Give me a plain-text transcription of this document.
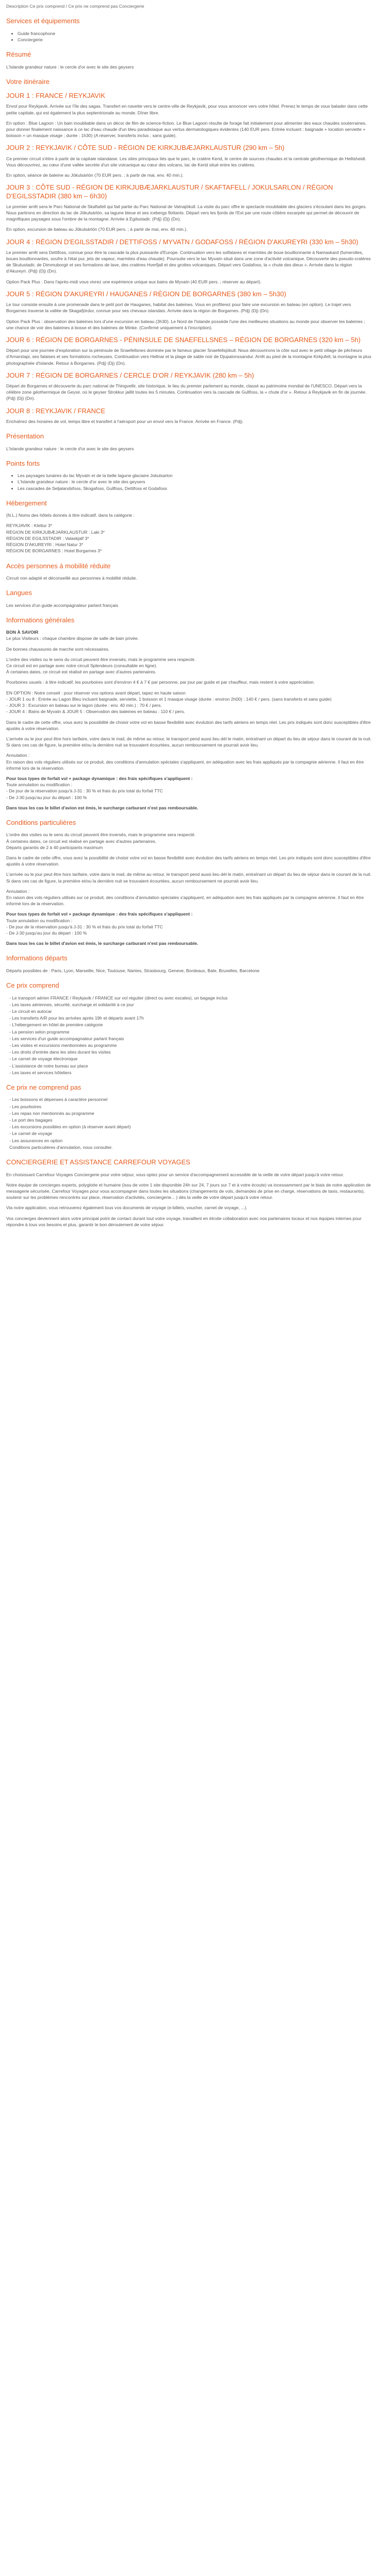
Description Ce prix comprend / Ce prix ne comprend pas Conciergerie

Services et équipements
• Guide francophone
• Conciergerie
Résumé

L'Islande grandeur nature : le cercle d'or avec le site des geysers

Votre itinéraire
JOUR 1 : FRANCE / REYKJAVIK

Envol pour Reykjavik. Arrivée sur l'île des sagas. Transfert en navette vers le centre-ville de Reykjavik, pour vous annoncer vers votre hôtel. Prenez le temps de vous balader dans cette petite capitale, qui est également la plus septentrionale au monde. Dîner libre.

En option : Blue Lagoon : Un bain inoubliable dans un décor de film de science-fiction. Le Blue Lagoon résulte de forage fait initialement pour alimenter des eaux chaudes souterraines, pour donner finalement naissance à ce lac d'eau chaude d'un bleu paradisiaque aux vertus dermatologiques évidentes (140 EUR pers. Entrée incluant : baignade + location serviette + boisson + un masque visage ; durée : 1h30) (A réserver, transferts inclus ; sans guide).

JOUR 2 : REYKJAVIK / CÔTE SUD - RÉGION DE KIRKJUBÆJARKLAUSTUR (290 km – 5h)

Ce premier circuit s'étire à partir de la capitale islandaise. Les sites principaux liés que le parc, le cratère Kerid, le centre de sources chaudes et la centrale géothermique de Hellisheidi. Vous découvrirez, au cœur d'une vallée secrète d'un site volcanique au cœur des volcans, lac de Kerid situé entre les cratères.

En option, séance de baleine au Jökulsárlón (70 EUR pers. ; à partir de mai, env. 40 min.).

JOUR 3 : CÔTE SUD - RÉGION DE KIRKJUBÆJARKLAUSTUR / SKAFTAFELL / JOKULSARLON / RÉGION D'EGILSSTADIR (380 km – 6h30)

Le premier arrêt sera le Parc National de Skaftafell qui fait partie du Parc National de Vatnajökull. La visite du parc offre le spectacle inoubliable des glaciers s'écoulant dans les gorges. Nous partirons en direction du lac de Jökulsárlón, sa lagune bleue et ses icebergs flottants. Départ vers les fjords de l'Est par une route côtière escarpée qui permet de découvrir de magnifiques paysages sous l'ombre de la montagne. Arrivée à Egilsstadir. (Pdj) (Dj) (Dn).

En option, excursion de bateau au Jökulsárlón (70 EUR pers. ; à partir de mai, env. 40 min.).

JOUR 4 : RÉGION D'EGILSSTADIR / DETTIFOSS / MYVATN / GODAFOSS / RÉGION D'AKUREYRI (330 km – 5h30)

Le premier arrêt sera Dettifoss, connue pour être la cascade la plus puissante d'Europe. Continuation vers les solfatares et marmites de boue bouillonnante à Namaskard (fumerolles, boues bouillonnantes, soufre à l'état pur, jets de vapeur, marmites d'eau chaude). Poursuite vers le lac Myvatn situé dans une zone d'activité volcanique. Découverte des pseudo-cratères de Skutustadir, de Dimmuborgir et ses formations de lave, des cratères Hverfjall et des grottes volcaniques. Départ vers Godafoss, la « chute des dieux ». Arrivée dans la région d'Akureyri. (Pdj) (Dj) (Dn).

Option Pack Plus : Dans l'après-midi vous vivrez une expérience unique aux bains de Myvatn (40 EUR pers. ; réserver au départ).

JOUR 5 : RÉGION D'AKUREYRI / HAUGANES / RÉGION DE BORGARNES (380 km – 5h30)

Le tour consiste ensuite à une promenade dans le petit port de Hauganes, habitat des baleines. Vous en profiterez pour faire une excursion en bateau (en option). Le trajet vers Borgarnes traverse la vallée de Skagafjördur, connue pour ses chevaux islandais. Arrivée dans la région de Borgarnes. (Pdj) (Dj) (Dn).

Option Pack Plus : observation des baleines lors d'une excursion en bateau (3h30). Le Nord de l'Islande possède l'une des meilleures situations au monde pour observer les baleines ; une chance de voir des baleines à bosse et des baleines de Minke. (Confirmé uniquement à l'inscription).

JOUR 6 : RÉGION DE BORGARNES - PÉNINSULE DE SNAEFELLSNES – RÉGION DE BORGARNES (320 km – 5h)

Départ pour une journée d'exploration sur la péninsule de Snaefellsnes dominée par le fameux glacier Snaefellsjökull. Nous découvrirons la côte sud avec le petit village de pêcheurs d'Arnarstapi, ses falaises et ses formations rocheuses. Continuation vers Hellnar et la plage de sable noir de Djupalonssandur. Arrêt au pied de la montagne Kirkjufell, la montagne la plus photographiée d'Islande. Retour à Borgarnes. (Pdj) (Dj) (Dn).

JOUR 7 : RÉGION DE BORGARNES / CERCLE D'OR / REYKJAVIK (280 km – 5h)

Départ de Borgarnes et découverte du parc national de Thingvellir, site historique, le lieu du premier parlement au monde, classé au patrimoine mondial de l'UNESCO. Départ vers la célèbre zone géothermique de Geysir, où le geyser Strokkur jaillit toutes les 5 minutes. Continuation vers la cascade de Gullfoss, la « chute d'or ». Retour à Reykjavik en fin de journée. (Pdj) (Dj) (Dn).

JOUR 8 : REYKJAVIK / FRANCE

Enchaînez des horaires de vol, temps libre et transfert à l'aéroport pour un envol vers la France. Arrivée en France. (Pdj).

Présentation

L'Islande grandeur nature : le cercle d'or avec le site des geysers

Points forts
• Les paysages lunaires du lac Myvatn et de la belle lagune glaciaire Jokulsarlon
• L'Islande grandeur nature : le cercle d'or avec le site des geysers
• Les cascades de Seljalandsfoss, Skogafoss, Gullfoss, Dettifoss et Godafoss
Hébergement

(N.L.) Noms des hôtels donnés à titre indicatif, dans la catégorie :

REYKJAVIK : Klettur 3*

RÉGION DE KIRKJUBÆJARKLAUSTUR : Laki 3*

RÉGION DE EGILSSTADIR : Valaskjalf 3*

RÉGION D'AKUREYRI : Hotel Natur 3*

RÉGION DE BORGARNES : Hotel Borgarnes 3*

Accès personnes à mobilité réduite

Circuit non adapté et déconseillé aux personnes à mobilité réduite.

Langues

Les services d'un guide accompagnateur parlant français

Informations générales

BON À SAVOIR

Le plus Visiteurs : chaque chambre dispose de salle de bain privée.

De bonnes chaussures de marche sont nécessaires.

L'ordre des visites ou le sens du circuit peuvent être inversés, mais le programme sera respecté.

Ce circuit est en partage avec notre circuit Splendeurs (consultable en ligne).

À certaines dates, ce circuit est réalisé en partage avec d'autres partenaires.

Pourboires usuels : à titre indicatif, les pourboires sont d'environ 4 € à 7 € par personne, par jour par guide et par chauffeur, mais restent à votre appréciation.

EN OPTION : Notre conseil : pour réserver vos options avant départ, tapez en haute saison

- JOUR 1 ou 8 : Entrée au Lagon Bleu incluant baignade, serviette, 1 boisson et 1 masque visage (durée : environ 2h00) : 140 € / pers. (sans transferts et sans guide)

- JOUR 3 : Excursion en bateau sur le lagon (durée : env. 40 min.) : 70 € / pers.

- JOUR 4 : Bains de Myvatn & JOUR 5 : Observation des baleines en bateau : 110 € / pers.

Dans le cadre de cette offre, vous avez la possibilité de choisir votre vol en basse flexibilité avec évolution des tarifs aériens en temps réel. Les prix indiqués sont donc susceptibles d'être ajustés à votre réservation.

L'arrivée ou le jour peut être hors tarifaire, votre dans le mail, de même au retour, le transport pend aussi lieu dél le matin, entraînant un départ du lieu de séjour dans le courant de la nuit. Si dans ces cas de figure, la première et/ou la dernière nuit se trouvaient écourtées, aucun remboursement ne pourrait avoir lieu.

Annulation :

En raison des vols réguliers utilisés sur ce produit, des conditions d'annulation spéciales s'appliquent, en adéquation avec les frais appliqués par la compagnie aérienne. Il faut en être informé lors de la réservation.

Pour tous types de forfait vol + package dynamique : des frais spécifiques s'appliquent :

Toute annulation ou modification :

- De jour de la réservation jusqu'à J-31 : 30 % et frais du prix total du forfait TTC

- De J-30 jusqu'au jour du départ : 100 %

Dans tous les cas le billet d'avion est émis, le surcharge carburant n'est pas remboursable.

Conditions particulières

L'ordre des visites ou le sens du circuit peuvent être inversés, mais le programme sera respecté.

À certaines dates, ce circuit est réalisé en partage avec d'autres partenaires.

Départs garantis de 2 à 40 participants maximum

Dans le cadre de cette offre, vous avez la possibilité de choisir votre vol en basse flexibilité avec évolution des tarifs aériens en temps réel. Les prix indiqués sont donc susceptibles d'être ajustés à votre réservation.

L'arrivée ou le jour peut être hors tarifaire, votre dans le mail, de même au retour, le transport pend aussi lieu dél le matin, entraînant un départ du lieu de séjour dans le courant de la nuit. Si dans ces cas de figure, la première et/ou la dernière nuit se trouvaient écourtées, aucun remboursement ne pourrait avoir lieu.

Annulation :

En raison des vols réguliers utilisés sur ce produit, des conditions d'annulation spéciales s'appliquent, en adéquation avec les frais appliqués par la compagnie aérienne. Il faut en être informé lors de la réservation.

Pour tous types de forfait vol + package dynamique : des frais spécifiques s'appliquent :

Toute annulation ou modification :

- De jour de la réservation jusqu'à J-31 : 30 % et frais du prix total du forfait TTC

- De J-30 jusqu'au jour du départ : 100 %

Dans tous les cas le billet d'avion est émis, le surcharge carburant n'est pas remboursable.

Informations départs

Départs possibles de : Paris, Lyon, Marseille, Nice, Toulouse, Nantes, Strasbourg, Geneve, Bordeaux, Bale, Bruxelles, Barcelone

Ce prix comprend
- Le transport aérien FRANCE / Reykjavik / FRANCE sur vol régulier (direct ou avec escales), un bagage inclus
- Les taxes aériennes, sécurité, surcharge et solidarité à ce jour
- Le circuit en autocar
- Les transferts A/R pour les arrivées après 19h et départs avant 17h
- L'hébergement en hôtel de première catégorie
- La pension selon programme
- Les services d'un guide accompagnateur parlant français
- Les visites et excursions mentionnées au programme
- Les droits d'entrée dans les sites durant les visites
- Le carnet de voyage électronique
- L'assistance de notre bureau sur place
- Les taxes et services hôteliers
Ce prix ne comprend pas
- Les boissons et dépenses à caractère personnel
- Les pourboires
- Les repas non mentionnés au programme
- Le port des bagages
- Les excursions possibles en option (à réserver avant départ)
- Le carnet de voyage
- Les assurances en option
Conditions particulières d'annulation, nous consulter.
CONCIERGERIE ET ASSISTANCE CARREFOUR VOYAGES

En choisissant Carrefour Voyages Conciergerie pour votre séjour, vous optez pour un service d'accompagnement accessible de la veille de votre départ jusqu'à votre retour.

Notre équipe de concierges experts, polyglotte et humaine (issu de votre 1 site disponible 24h sur 24, 7 jours sur 7 et à votre écoute) va incessamment par le biais de notre application de messagerie sécurisée, Carrefour Voyages pour vous accompagner dans toutes les situations (changements de vols, demandes de prise en charge, réservations de taxis, restaurants), soutenir sur les problèmes rencontrés sur place, réservation d'activités, conciergerie... ) dès la veille de votre départ jusqu'à votre retour.

Via notre application, vous retrouverez également tous vos documents de voyage (e-billets, voucher, carnet de voyage, ...).

Vos concierges deviennent alors votre principal point de contact durant tout votre voyage, travaillent en étroite collaboration avec nos partenaires locaux et nos équipes internes pour répondre à tous vos besoins et plus, garantir le bon déroulement de votre séjour.
